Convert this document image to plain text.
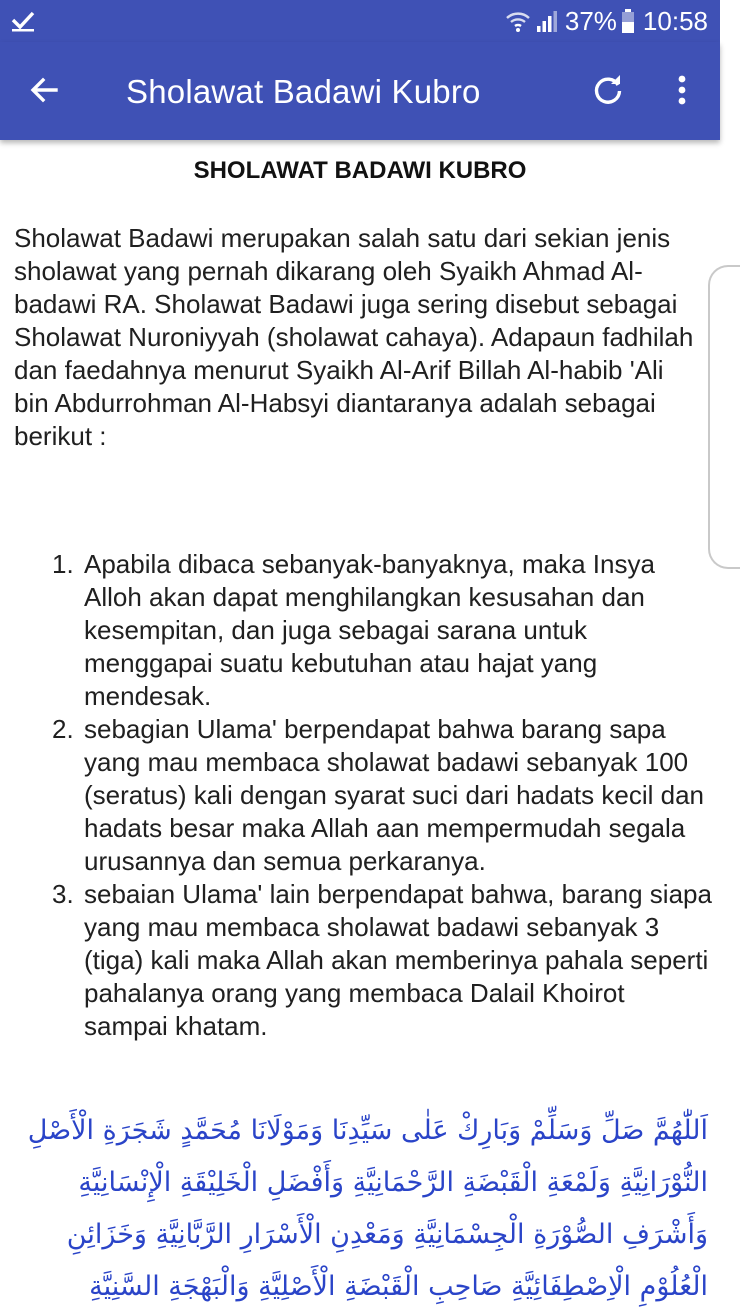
37% 10:58
Sholawat Badawi Kubro
SHOLAWAT BADAWI KUBRO
Sholawat Badawi merupakan salah satu dari sekian jenis sholawat yang pernah dikarang oleh Syaikh Ahmad Al-badawi RA. Sholawat Badawi juga sering disebut sebagai Sholawat Nuroniyyah (sholawat cahaya). Adapaun fadhilah dan faedahnya menurut Syaikh Al-Arif Billah Al-habib 'Ali bin Abdurrohman Al-Habsyi diantaranya adalah sebagai berikut :
1. Apabila dibaca sebanyak-banyaknya, maka Insya Alloh akan dapat menghilangkan kesusahan dan kesempitan, dan juga sebagai sarana untuk menggapai suatu kebutuhan atau hajat yang mendesak.
2. sebagian Ulama' berpendapat bahwa barang sapa yang mau membaca sholawat badawi sebanyak 100 (seratus) kali dengan syarat suci dari hadats kecil dan hadats besar maka Allah aan mempermudah segala urusannya dan semua perkaranya.
3. sebaian Ulama' lain berpendapat bahwa, barang siapa yang mau membaca sholawat badawi sebanyak 3 (tiga) kali maka Allah akan memberinya pahala seperti pahalanya orang yang membaca Dalail Khoirot sampai khatam.
اَللّٰهُمَّ صَلِّ وَسَلِّمْ وَبَارِكْ عَلٰى سَيِّدِنَا وَمَوْلَانَا مُحَمَّدٍ شَجَرَةِ الْأَصْلِ
النُّوْرَانِيَّةِ وَلَمْعَةِ الْقَبْضَةِ الرَّحْمَانِيَّةِ وَأَفْضَلِ الْخَلِيْقَةِ الْإِنْسَانِيَّةِ
وَأَشْرَفِ الصُّوْرَةِ الْجِسْمَانِيَّةِ وَمَعْدِنِ الْأَسْرَارِ الرَّبَّانِيَّةِ وَخَزَائِنِ
الْعُلُوْمِ الْاِصْطِفَائِيَّةِ صَاحِبِ الْقَبْضَةِ الْأَصْلِيَّةِ وَالْبَهْجَةِ السَّنِيَّةِ
